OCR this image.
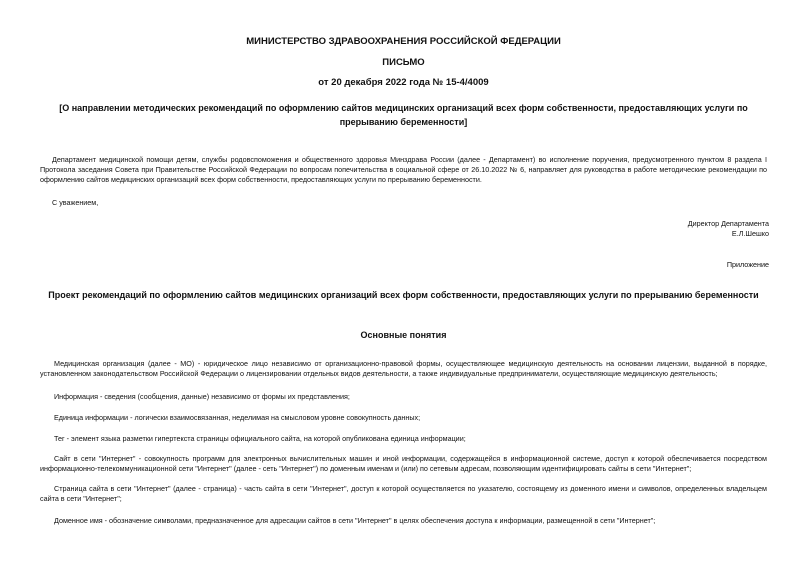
МИНИСТЕРСТВО ЗДРАВООХРАНЕНИЯ РОССИЙСКОЙ ФЕДЕРАЦИИ
ПИСЬМО
от 20 декабря 2022 года № 15-4/4009
[О направлении методических рекомендаций по оформлению сайтов медицинских организаций всех форм собственности, предоставляющих услуги по
прерыванию беременности]
Департамент медицинской помощи детям, службы родовспоможения и общественного здоровья Минздрава России (далее - Департамент) во исполнение поручения, предусмотренного пунктом 8 раздела I Протокола заседания Совета при Правительстве Российской Федерации по вопросам попечительства в социальной сфере от 26.10.2022 № 6, направляет для руководства в работе методические рекомендации по оформлению сайтов медицинских организаций всех форм собственности, предоставляющих услуги по прерыванию беременности.
С уважением,
Директор Департамента
Е.Л.Шешко
Приложение
Проект рекомендаций по оформлению сайтов медицинских организаций всех форм собственности, предоставляющих услуги по прерыванию беременности
Основные понятия
Медицинская организация (далее - МО) - юридическое лицо независимо от организационно-правовой формы, осуществляющее медицинскую деятельность на основании лицензии, выданной в порядке, установленном законодательством Российской Федерации о лицензировании отдельных видов деятельности, а также индивидуальные предприниматели, осуществляющие медицинскую деятельность;
Информация - сведения (сообщения, данные) независимо от формы их представления;
Единица информации - логически взаимосвязанная, неделимая на смысловом уровне совокупность данных;
Тег - элемент языка разметки гипертекста страницы официального сайта, на которой опубликована единица информации;
Сайт в сети "Интернет" - совокупность программ для электронных вычислительных машин и иной информации, содержащейся в информационной системе, доступ к которой обеспечивается посредством информационно-телекоммуникационной сети "Интернет" (далее - сеть "Интернет") по доменным именам и (или) по сетевым адресам, позволяющим идентифицировать сайты в сети "Интернет";
Страница сайта в сети "Интернет" (далее - страница) - часть сайта в сети "Интернет", доступ к которой осуществляется по указателю, состоящему из доменного имени и символов, определенных владельцем сайта в сети "Интернет";
Доменное имя - обозначение символами, предназначенное для адресации сайтов в сети "Интернет" в целях обеспечения доступа к информации, размещенной в сети "Интернет";
